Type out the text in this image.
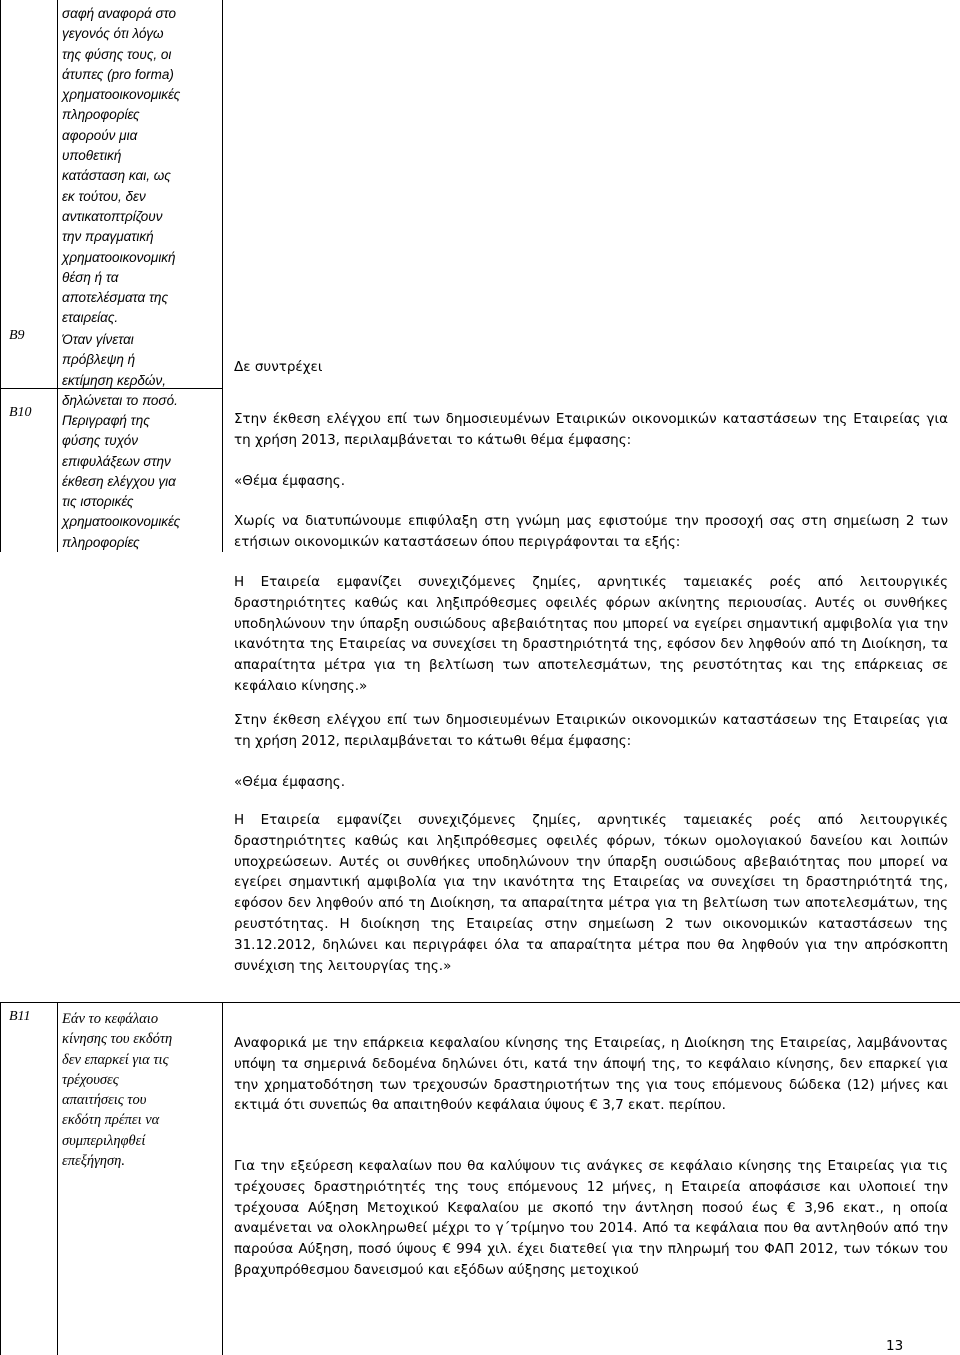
σαφή αναφορά στο
γεγονός ότι λόγω
της φύσης τους, οι
άτυπες (pro forma)
χρηματοοικονομικές
πληροφορίες
αφορούν μια
υποθετική
κατάσταση και, ως
εκ τούτου, δεν
αντικατοπτρίζουν
την πραγματική
χρηματοοικονομική
θέση ή τα
αποτελέσματα της
εταιρείας.
B9	Όταν γίνεται
πρόβλεψη ή
εκτίμηση κερδών,
δηλώνεται το ποσό.
Δε συντρέχει
B10
Περιγραφή της
φύσης τυχόν
επιφυλάξεων στην
έκθεση ελέγχου για
τις ιστορικές
χρηματοοικονομικές
πληροφορίες
Στην έκθεση ελέγχου επί των δημοσιευμένων Εταιρικών οικονομικών καταστάσεων της Εταιρείας για τη χρήση 2013, περιλαμβάνεται το κάτωθι θέμα έμφασης:
«Θέμα έμφασης.
Χωρίς να διατυπώνουμε επιφύλαξη στη γνώμη μας εφιστούμε την προσοχή σας στη σημείωση 2 των ετήσιων οικονομικών καταστάσεων όπου περιγράφονται τα εξής:
Η Εταιρεία εμφανίζει συνεχιζόμενες ζημίες, αρνητικές ταμειακές ροές από λειτουργικές δραστηριότητες καθώς και ληξιπρόθεσμες οφειλές φόρων ακίνητης περιουσίας. Αυτές οι συνθήκες υποδηλώνουν την ύπαρξη ουσιώδους αβεβαιότητας που μπορεί να εγείρει σημαντική αμφιβολία για την ικανότητα της Εταιρείας να συνεχίσει τη δραστηριότητά της, εφόσον δεν ληφθούν από τη Διοίκηση, τα απαραίτητα μέτρα για τη βελτίωση των αποτελεσμάτων, της ρευστότητας και της επάρκειας σε κεφάλαιο κίνησης.»
Στην έκθεση ελέγχου επί των δημοσιευμένων Εταιρικών οικονομικών καταστάσεων της Εταιρείας για τη χρήση 2012, περιλαμβάνεται το κάτωθι θέμα έμφασης:
«Θέμα έμφασης.
Η Εταιρεία εμφανίζει συνεχιζόμενες ζημίες, αρνητικές ταμειακές ροές από λειτουργικές δραστηριότητες καθώς και ληξιπρόθεσμες οφειλές φόρων, τόκων ομολογιακού δανείου και λοιπών υποχρεώσεων. Αυτές οι συνθήκες υποδηλώνουν την ύπαρξη ουσιώδους αβεβαιότητας που μπορεί να εγείρει σημαντική αμφιβολία για την ικανότητα της Εταιρείας να συνεχίσει τη δραστηριότητά της, εφόσον δεν ληφθούν από τη Διοίκηση, τα απαραίτητα μέτρα για τη βελτίωση των αποτελεσμάτων, της ρευστότητας. Η διοίκηση της Εταιρείας στην σημείωση 2 των οικονομικών καταστάσεων της 31.12.2012, δηλώνει και περιγράφει όλα τα απαραίτητα μέτρα που θα ληφθούν για την απρόσκοπτη συνέχιση της λειτουργίας της.»
B11 Εάν το κεφάλαιο
κίνησης του εκδότη
δεν επαρκεί για τις
τρέχουσες
απαιτήσεις του
εκδότη πρέπει να
συμπεριληφθεί
επεξήγηση.
Αναφορικά με την επάρκεια κεφαλαίου κίνησης της Εταιρείας, η Διοίκηση της Εταιρείας, λαμβάνοντας υπόψη τα σημερινά δεδομένα δηλώνει ότι, κατά την άποψή της, το κεφάλαιο κίνησης, δεν επαρκεί για την χρηματοδότηση των τρεχουσών δραστηριοτήτων της για τους επόμενους δώδεκα (12) μήνες και εκτιμά ότι συνεπώς θα απαιτηθούν κεφάλαια ύψους € 3,7 εκατ. περίπου.
Για την εξεύρεση κεφαλαίων που θα καλύψουν τις ανάγκες σε κεφάλαιο κίνησης της Εταιρείας για τις τρέχουσες δραστηριότητές της τους επόμενους 12 μήνες, η Εταιρεία αποφάσισε και υλοποιεί την τρέχουσα Αύξηση Μετοχικού Κεφαλαίου με σκοπό την άντληση ποσού έως € 3,96 εκατ., η οποία αναμένεται να ολοκληρωθεί μέχρι το γ΄τρίμηνο του 2014. Από τα κεφάλαια που θα αντληθούν από την παρούσα Αύξηση, ποσό ύψους € 994 χιλ. έχει διατεθεί για την πληρωμή του ΦΑΠ 2012, των τόκων του βραχυπρόθεσμου δανεισμού και εξόδων αύξησης μετοχικού
13
